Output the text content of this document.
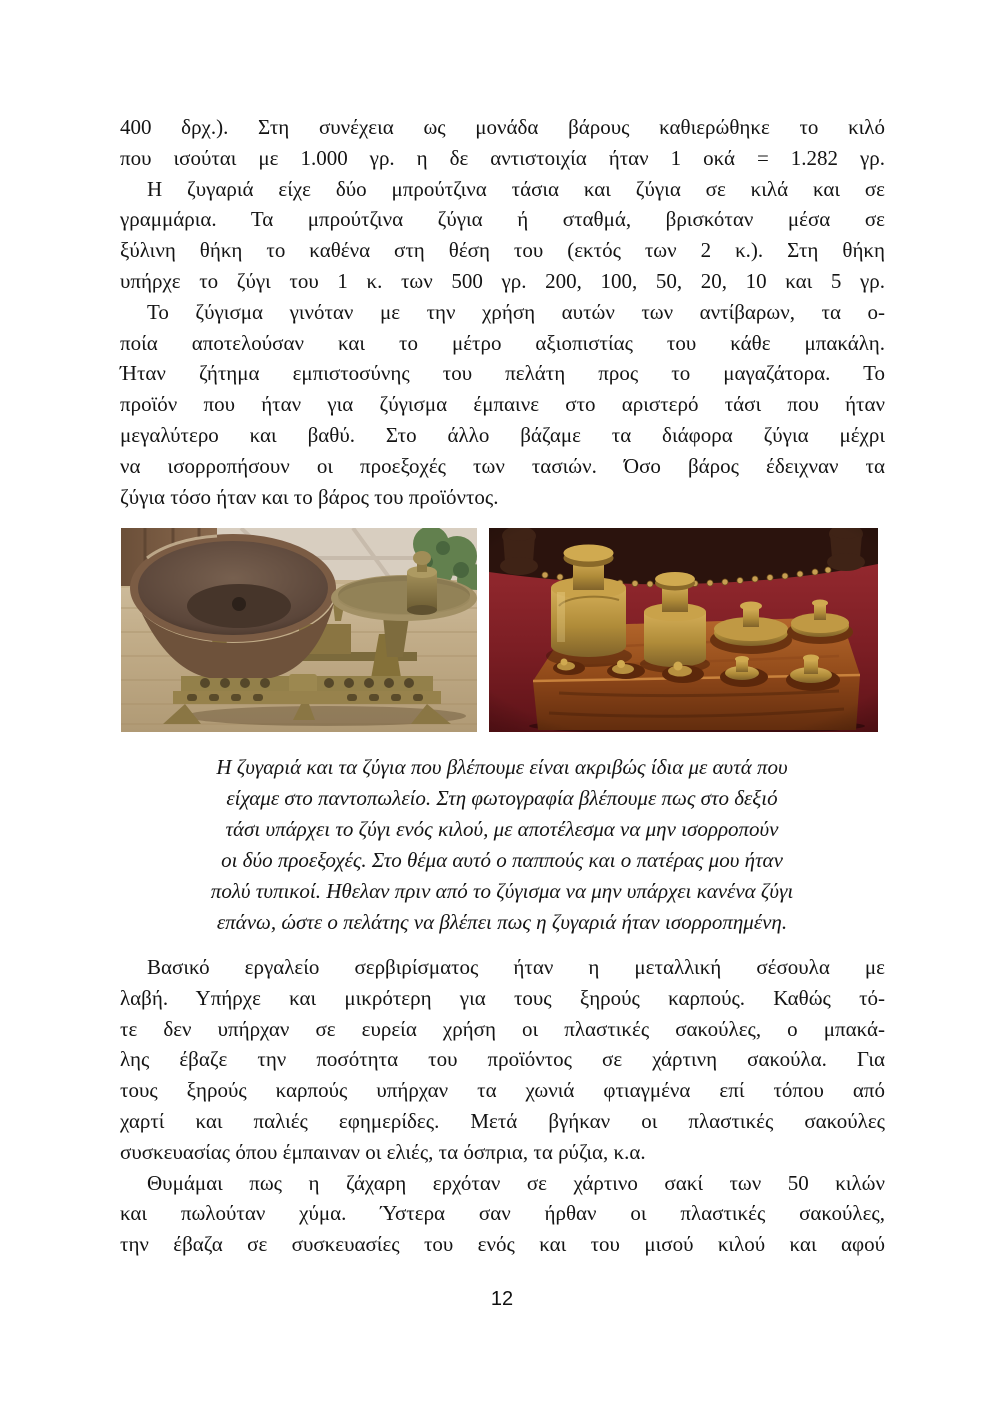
400 δρχ.). Στη συνέχεια ως μονάδα βάρους καθιερώθηκε το κιλό
που ισούται με 1.000 γρ. η δε αντιστοιχία ήταν 1 οκά = 1.282 γρ.
Η ζυγαριά είχε δύο μπρούτζινα τάσια και ζύγια σε κιλά και σε
γραμμάρια. Τα μπρούτζινα ζύγια ή σταθμά, βρισκόταν μέσα σε
ξύλινη θήκη το καθένα στη θέση του (εκτός των 2 κ.). Στη θήκη
υπήρχε το ζύγι του 1 κ. των 500 γρ. 200, 100, 50, 20, 10 και 5 γρ.
Το ζύγισμα γινόταν με την χρήση αυτών των αντίβαρων, τα ο-
ποία αποτελούσαν και το μέτρο αξιοπιστίας του κάθε μπακάλη.
Ήταν ζήτημα εμπιστοσύνης του πελάτη προς το μαγαζάτορα. Το
προϊόν που ήταν για ζύγισμα έμπαινε στο αριστερό τάσι που ήταν
μεγαλύτερο και βαθύ. Στο άλλο βάζαμε τα διάφορα ζύγια μέχρι
να ισορροπήσουν οι προεξοχές των τασιών. Όσο βάρος έδειχναν τα
ζύγια τόσο ήταν και το βάρος του προϊόντος.
Η ζυγαριά και τα ζύγια που βλέπουμε είναι ακριβώς ίδια με αυτά που
είχαμε στο παντοπωλείο. Στη φωτογραφία βλέπουμε πως στο δεξιό
τάσι υπάρχει το ζύγι ενός κιλού, με αποτέλεσμα να μην ισορροπούν
οι δύο προεξοχές. Στο θέμα αυτό ο παππούς και ο πατέρας μου ήταν
πολύ τυπικοί. Ηθελαν πριν από το ζύγισμα να μην υπάρχει κανένα ζύγι
επάνω, ώστε ο πελάτης να βλέπει πως η ζυγαριά ήταν ισορροπημένη.
Βασικό εργαλείο σερβιρίσματος ήταν η μεταλλική σέσουλα με
λαβή. Υπήρχε και μικρότερη για τους ξηρούς καρπούς. Καθώς τό-
τε δεν υπήρχαν σε ευρεία χρήση οι πλαστικές σακούλες, ο μπακά-
λης έβαζε την ποσότητα του προϊόντος σε χάρτινη σακούλα. Για
τους ξηρούς καρπούς υπήρχαν τα χωνιά φτιαγμένα επί τόπου από
χαρτί και παλιές εφημερίδες. Μετά βγήκαν οι πλαστικές σακούλες
συσκευασίας όπου έμπαιναν οι ελιές, τα όσπρια, τα ρύζια, κ.α.
Θυμάμαι πως η ζάχαρη ερχόταν σε χάρτινο σακί των 50 κιλών
και πωλούταν χύμα. Ύστερα σαν ήρθαν οι πλαστικές σακούλες,
την έβαζα σε συσκευασίες του ενός και του μισού κιλού και αφού
12
